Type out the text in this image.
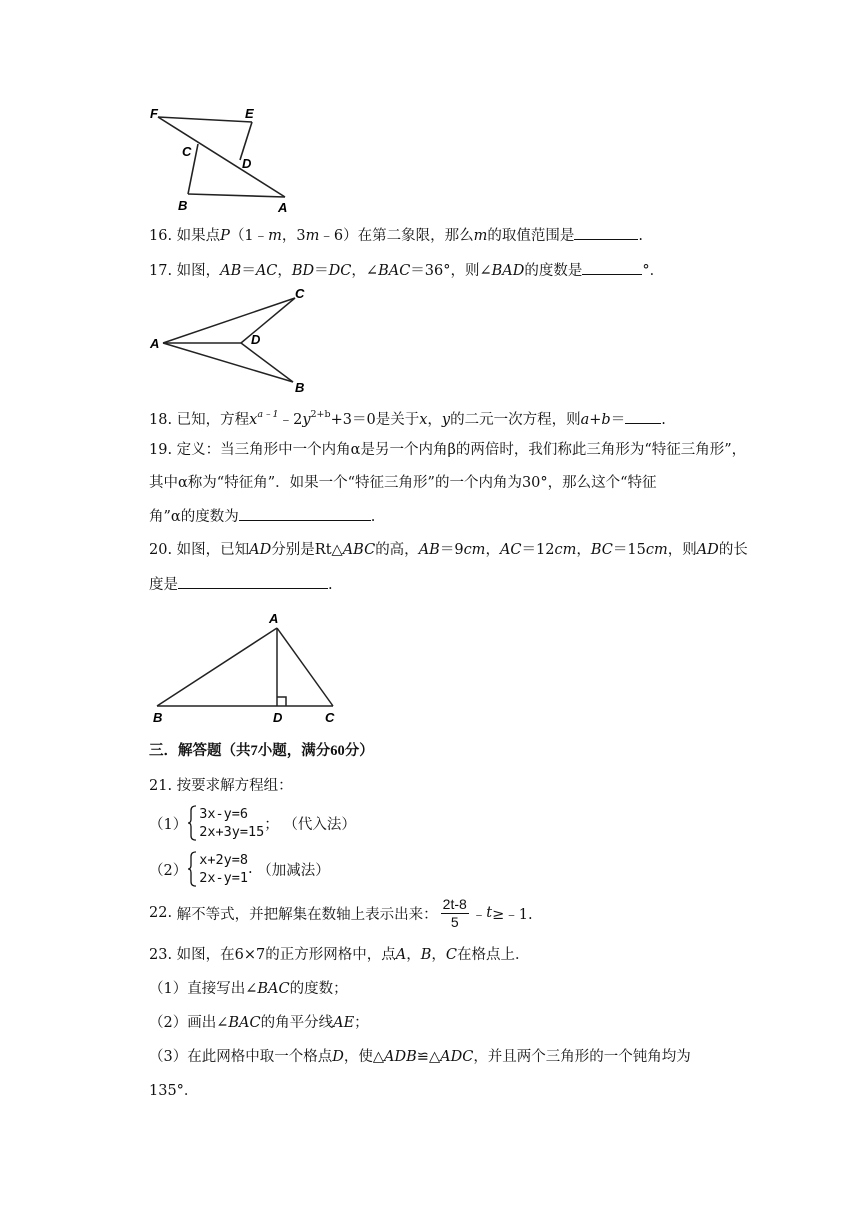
F	E
C
D
B	A
16. 如果点P（1﹣m，3m﹣6）在第二象限，那么m的取值范围是	.
17. 如图，AB＝AC，BD＝DC，∠BAC＝36°，则∠BAD的度数是	°．
A
C
D
B
18. 已知，方程$x^{a﹣1}﹣2y^{2+b}+3=0$是关于x，y的二元一次方程，则a+b＝ .
19. 定义：当三角形中一个内角α是另一个内角β的两倍时，我们称此三角形为“特征三角形”，
其中α称为“特征角”．如果一个“特征三角形”的一个内角为30°，那么这个“特征
角”α的度数为	.
20. 如图，已知AD分别是Rt△ABC的高，AB＝9cm，AC＝12cm，BC＝15cm，则AD的长
度是	.
A
B	D	C
三．解答题（共7小题，满分60分）
21. 按要求解方程组：
（1）
3x-y=6
2x+3y=15 ；
（代入法）
（2）
x+2y=8
2x-y=1
.
（加减法）
22.
解不等式，并把解集在数轴上表示出来： $\frac{2t-8}{5}$ ﹣ t ≥﹣1.
23. 如图，在6×7的正方形网格中，点A，B，C在格点上．
（1）直接写出∠BAC的度数；
（2）画出∠BAC的角平分线AE；
（3）在此网格中取一个格点D，使△ADB≌△ADC，并且两个三角形的一个钝角均为
135°．
